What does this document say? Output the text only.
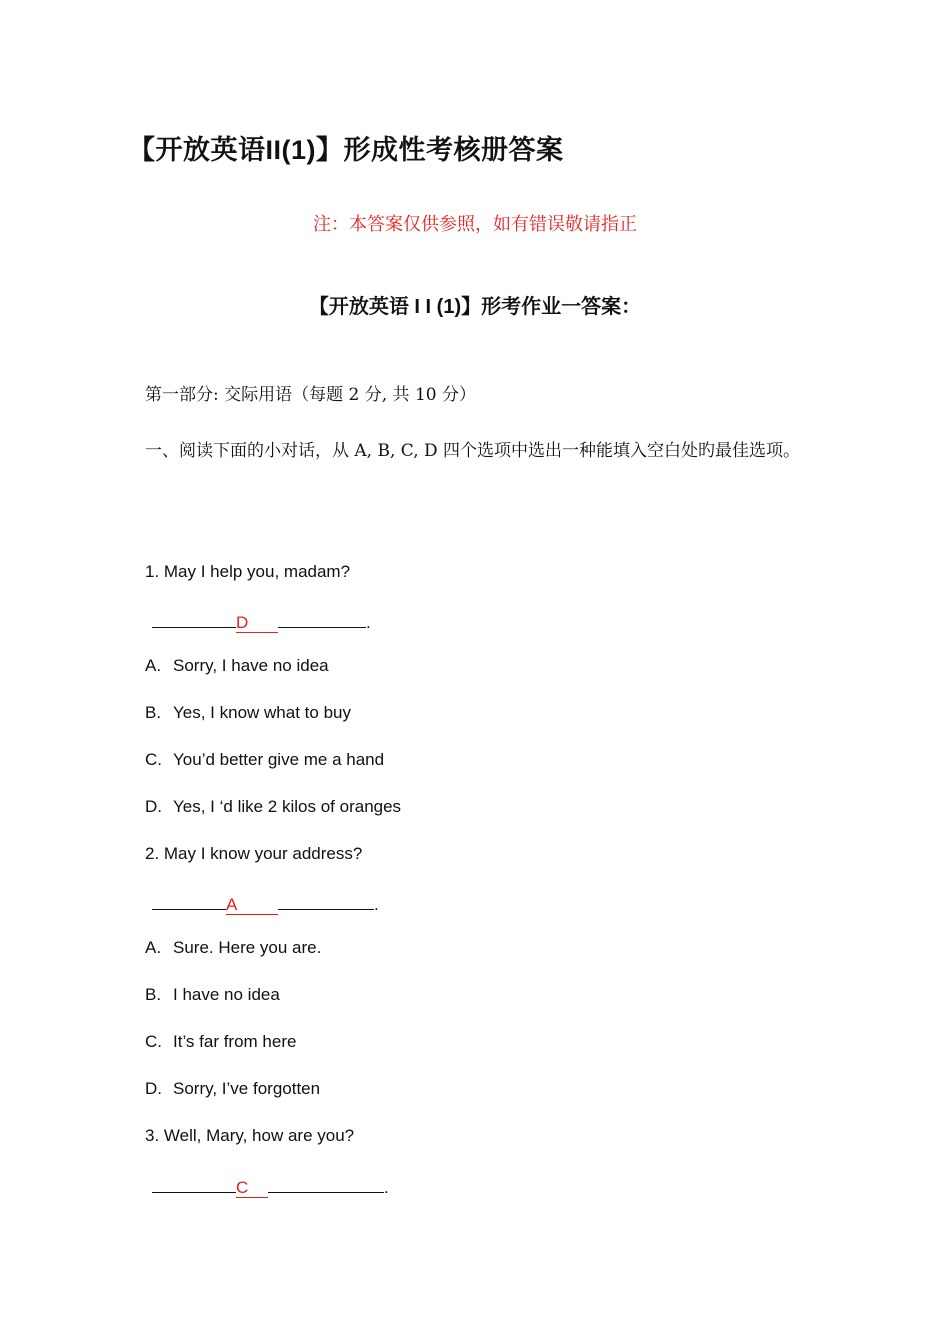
【开放英语II(1)】形成性考核册答案
注：本答案仅供参照，如有错误敬请指正
【开放英语 I I (1)】形考作业一答案：
第一部分: 交际用语（每题 2 分, 共 10 分）
一、阅读下面的小对话，从 A, B, C, D 四个选项中选出一种能填入空白处旳最佳选项。
1. May I help you, madam?
D	.
A. Sorry, I have no idea
B. Yes, I know what to buy
C. You’d better give me a hand
D. Yes, I ‘d like 2 kilos of oranges
2. May I know your address?
A	.
A. Sure. Here you are.
B. I have no idea
C. It’s far from here
D. Sorry, I’ve forgotten
3. Well, Mary, how are you?
C	.
